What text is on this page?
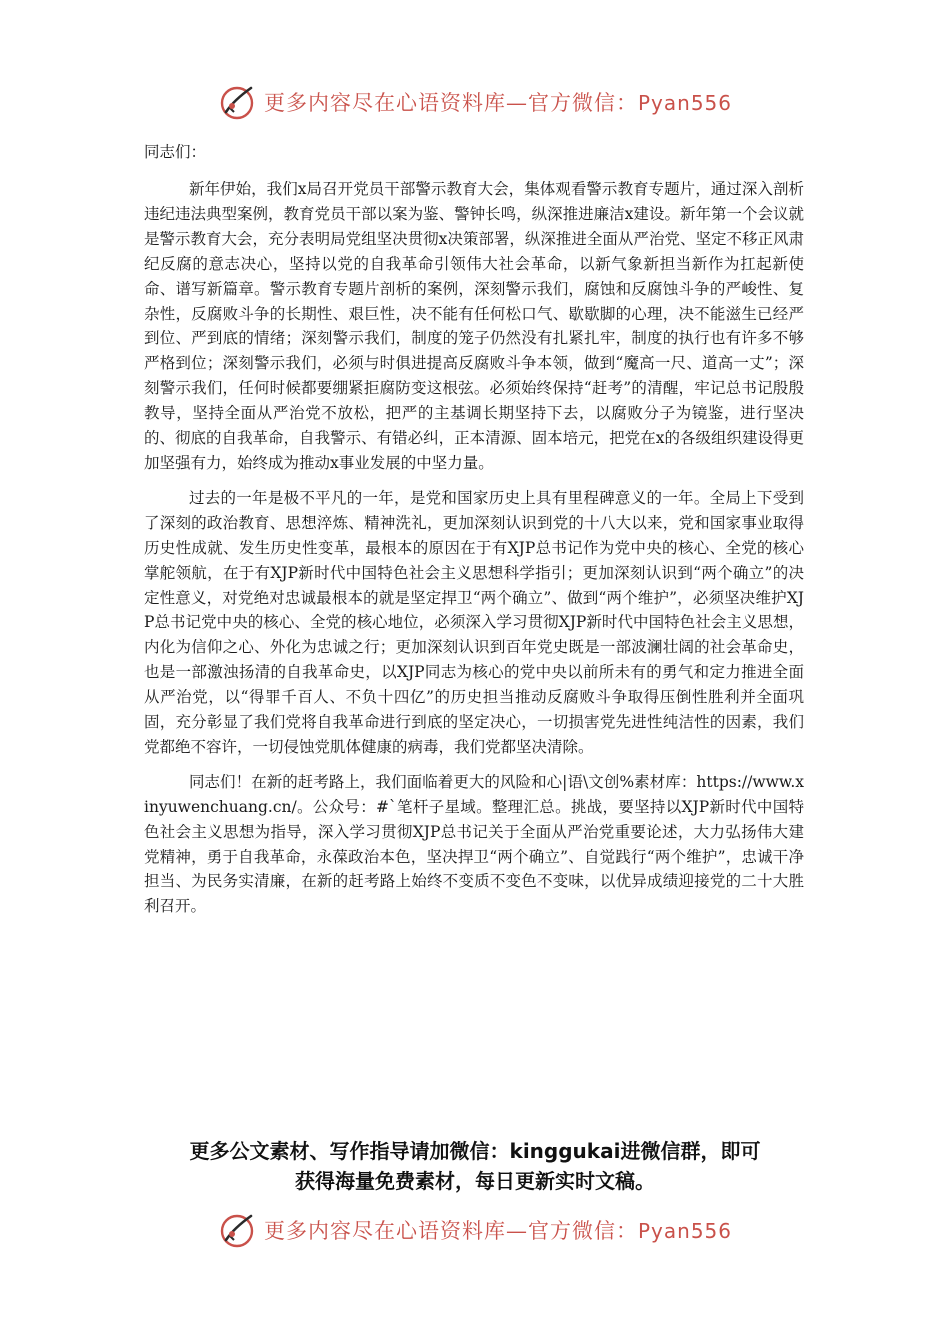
更多内容尽在心语资料库—官方微信：Pyan556
同志们：

新年伊始，我们x局召开党员干部警示教育大会，集体观看警示教育专题片，通过深入剖析违纪违法典型案例，教育党员干部以案为鉴、警钟长鸣，纵深推进廉洁x建设。新年第一个会议就是警示教育大会，充分表明局党组坚决贯彻x决策部署，纵深推进全面从严治党、坚定不移正风肃纪反腐的意志决心，坚持以党的自我革命引领伟大社会革命，以新气象新担当新作为扛起新使命、谱写新篇章。警示教育专题片剖析的案例，深刻警示我们，腐蚀和反腐蚀斗争的严峻性、复杂性，反腐败斗争的长期性、艰巨性，决不能有任何松口气、歇歇脚的心理，决不能滋生已经严到位、严到底的情绪；深刻警示我们，制度的笼子仍然没有扎紧扎牢，制度的执行也有许多不够严格到位；深刻警示我们，必须与时俱进提高反腐败斗争本领，做到“魔高一尺、道高一丈”；深刻警示我们，任何时候都要绷紧拒腐防变这根弦。必须始终保持“赶考”的清醒，牢记总书记殷殷教导，坚持全面从严治党不放松，把严的主基调长期坚持下去，以腐败分子为镜鉴，进行坚决的、彻底的自我革命，自我警示、有错必纠，正本清源、固本培元，把党在x的各级组织建设得更加坚强有力，始终成为推动x事业发展的中坚力量。

过去的一年是极不平凡的一年，是党和国家历史上具有里程碑意义的一年。全局上下受到了深刻的政治教育、思想淬炼、精神洗礼，更加深刻认识到党的十八大以来，党和国家事业取得历史性成就、发生历史性变革，最根本的原因在于有XJP总书记作为党中央的核心、全党的核心掌舵领航，在于有XJP新时代中国特色社会主义思想科学指引；更加深刻认识到“两个确立”的决定性意义，对党绝对忠诚最根本的就是坚定捍卫“两个确立”、做到“两个维护”，必须坚决维护XJP总书记党中央的核心、全党的核心地位，必须深入学习贯彻XJP新时代中国特色社会主义思想，内化为信仰之心、外化为忠诚之行；更加深刻认识到百年党史既是一部波澜壮阔的社会革命史，也是一部激浊扬清的自我革命史，以XJP同志为核心的党中央以前所未有的勇气和定力推进全面从严治党，以“得罪千百人、不负十四亿”的历史担当推动反腐败斗争取得压倒性胜利并全面巩固，充分彰显了我们党将自我革命进行到底的坚定决心，一切损害党先进性纯洁性的因素，我们党都绝不容许，一切侵蚀党肌体健康的病毒，我们党都坚决清除。

同志们！在新的赶考路上，我们面临着更大的风险和心|语\文创%素材库：https://www.xinyuwenchuang.cn/。公众号：#`笔杆子星域。整理汇总。挑战，要坚持以XJP新时代中国特色社会主义思想为指导，深入学习贯彻XJP总书记关于全面从严治党重要论述，大力弘扬伟大建党精神，勇于自我革命，永葆政治本色，坚决捍卫“两个确立”、自觉践行“两个维护”，忠诚干净担当、为民务实清廉，在新的赶考路上始终不变质不变色不变味，以优异成绩迎接党的二十大胜利召开。

更多公文素材、写作指导请加微信：kinggukai进微信群，即可
获得海量免费素材，每日更新实时文稿。
更多内容尽在心语资料库—官方微信：Pyan556
